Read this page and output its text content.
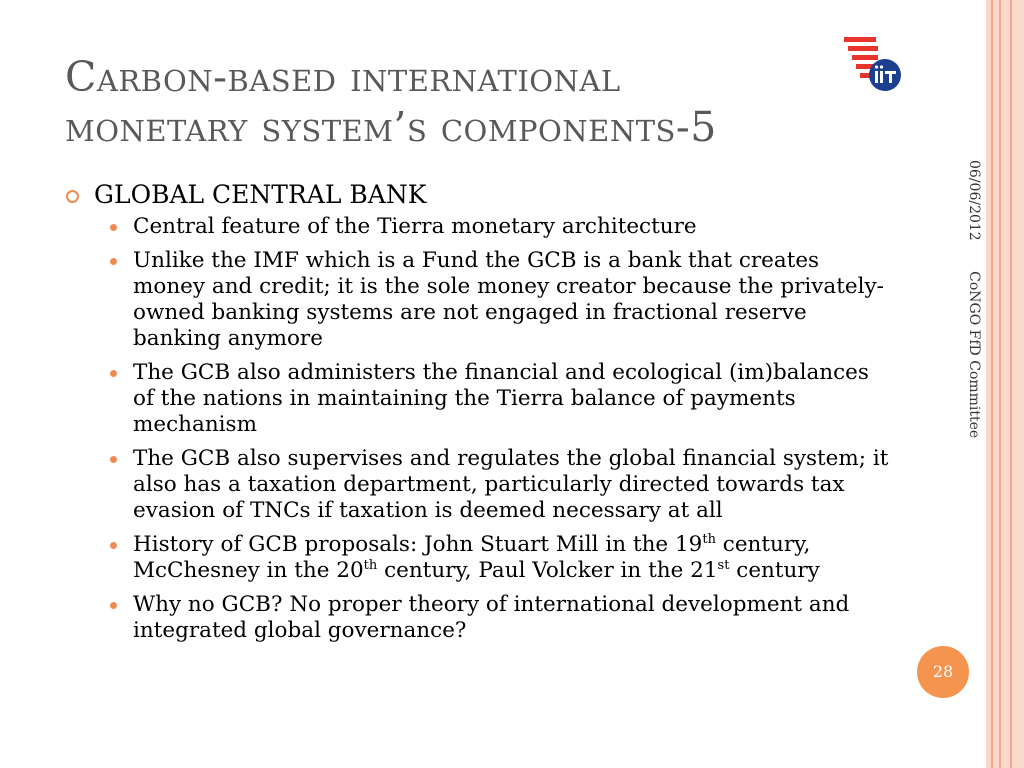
Carbon-based international
monetary system’s components-5
GLOBAL CENTRAL BANK
Central feature of the Tierra monetary architecture
Unlike the IMF which is a Fund the GCB is a bank that creates money and credit; it is the sole money creator because the privately-owned banking systems are not engaged in fractional reserve banking anymore
The GCB also administers the financial and ecological (im)balances of the nations in maintaining the Tierra balance of payments mechanism
The GCB also supervises and regulates the global financial system; it also has a taxation department, particularly directed towards tax evasion of TNCs if taxation is deemed necessary at all
History of GCB proposals: John Stuart Mill in the 19th century, McChesney in the 20th century, Paul Volcker in the 21st century
Why no GCB? No proper theory of international development and integrated global governance?
06/06/2012 CoNGO FfD Committee
28
